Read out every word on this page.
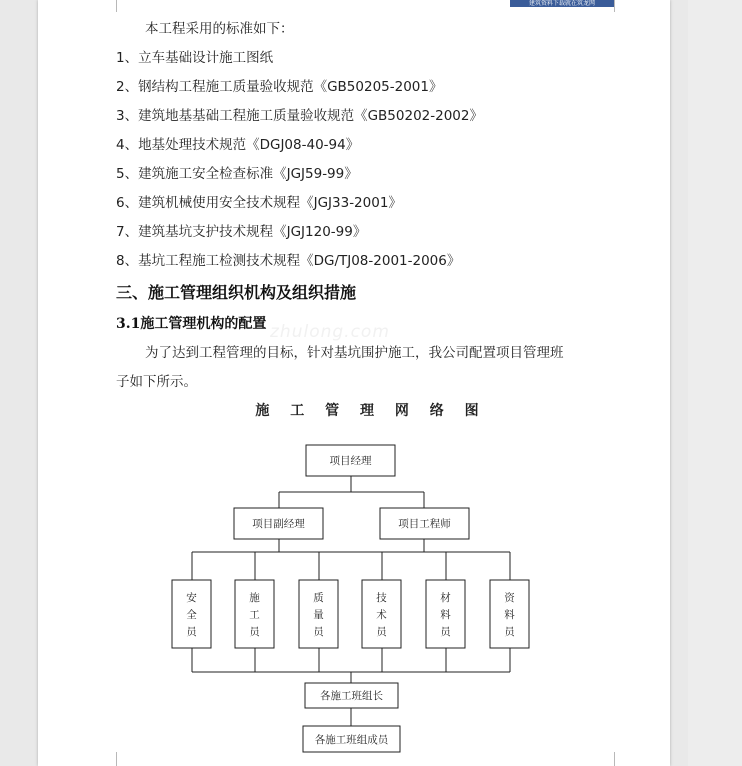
建筑资料下载就在筑龙网
本工程采用的标准如下：
1、立车基础设计施工图纸
2、钢结构工程施工质量验收规范《GB50205-2001》
3、建筑地基基础工程施工质量验收规范《GB50202-2002》
4、地基处理技术规范《DGJ08-40-94》
5、建筑施工安全检查标准《JGJ59-99》
6、建筑机械使用安全技术规程《JGJ33-2001》
7、建筑基坑支护技术规程《JGJ120-99》
8、基坑工程施工检测技术规程《DG/TJ08-2001-2006》
三、施工管理组织机构及组织措施
3.1施工管理机构的配置 zhulong.com
为了达到工程管理的目标，针对基坑围护施工，我公司配置项目管理班
子如下所示。
施 工 管 理 网 络 图
项目经理
项目副经理	项目工程师
安全员
施工员
质量员
技术员
材料员
资料员
各施工班组长
各施工班组成员
